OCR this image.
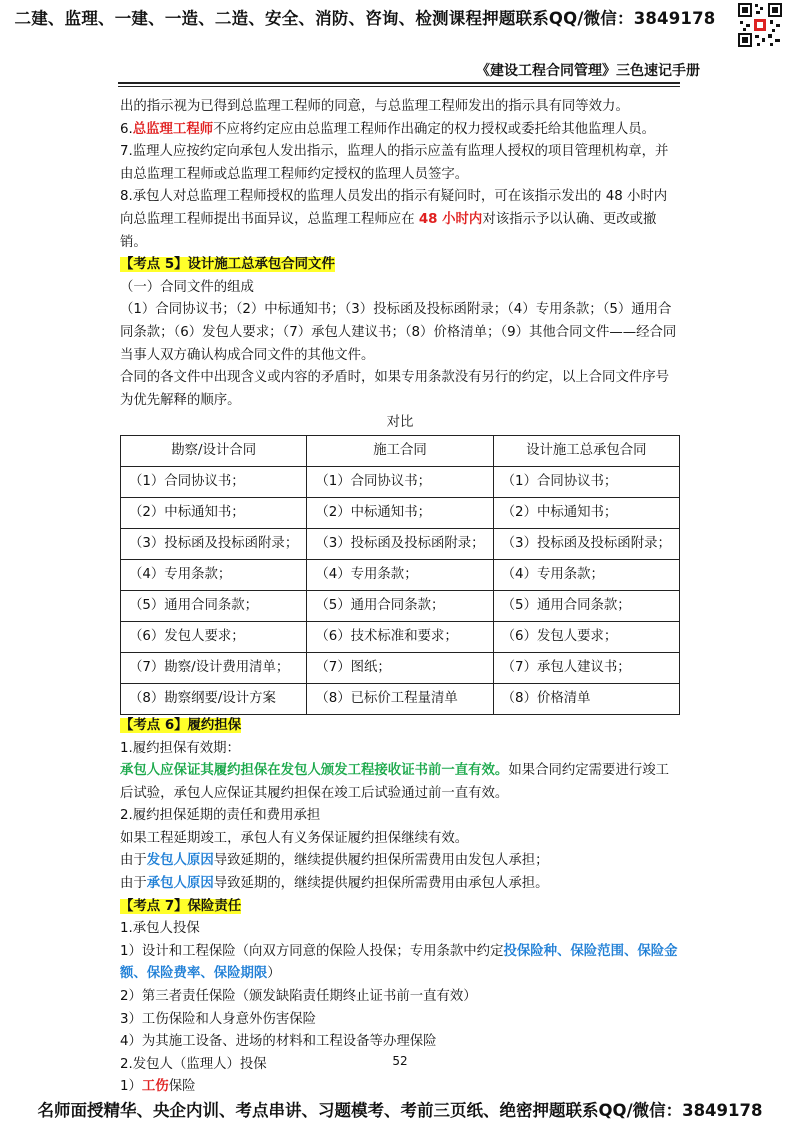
二建、监理、一建、一造、二造、安全、消防、咨询、检测课程押题联系QQ/微信：3849178
《建设工程合同管理》三色速记手册

出的指示视为已得到总监理工程师的同意，与总监理工程师发出的指示具有同等效力。

6.总监理工程师不应将约定应由总监理工程师作出确定的权力授权或委托给其他监理人员。

7.监理人应按约定向承包人发出指示，监理人的指示应盖有监理人授权的项目管理机构章，并由总监理工程师或总监理工程师约定授权的监理人员签字。

8.承包人对总监理工程师授权的监理人员发出的指示有疑问时，可在该指示发出的 48 小时内向总监理工程师提出书面异议，总监理工程师应在 48 小时内对该指示予以认确、更改或撤销。

【考点 5】设计施工总承包合同文件

（一）合同文件的组成

（1）合同协议书；（2）中标通知书；（3）投标函及投标函附录；（4）专用条款；（5）通用合同条款；（6）发包人要求；（7）承包人建议书；（8）价格清单；（9）其他合同文件——经合同当事人双方确认构成合同文件的其他文件。

合同的各文件中出现含义或内容的矛盾时，如果专用条款没有另行的约定，以上合同文件序号为优先解释的顺序。

对比

勘察/设计合同	施工合同	设计施工总承包合同
（1）合同协议书；	（1）合同协议书；	（1）合同协议书；
（2）中标通知书；	（2）中标通知书；	（2）中标通知书；
（3）投标函及投标函附录；	（3）投标函及投标函附录；	（3）投标函及投标函附录；
（4）专用条款；	（4）专用条款；	（4）专用条款；
（5）通用合同条款；	（5）通用合同条款；	（5）通用合同条款；
（6）发包人要求；	（6）技术标准和要求；	（6）发包人要求；
（7）勘察/设计费用清单；	（7）图纸；	（7）承包人建议书；
（8）勘察纲要/设计方案	（8）已标价工程量清单	（8）价格清单

【考点 6】履约担保

1.履约担保有效期：

承包人应保证其履约担保在发包人颁发工程接收证书前一直有效。如果合同约定需要进行竣工后试验，承包人应保证其履约担保在竣工后试验通过前一直有效。

2.履约担保延期的责任和费用承担

如果工程延期竣工，承包人有义务保证履约担保继续有效。

由于发包人原因导致延期的，继续提供履约担保所需费用由发包人承担；

由于承包人原因导致延期的，继续提供履约担保所需费用由承包人承担。

【考点 7】保险责任

1.承包人投保

1）设计和工程保险（向双方同意的保险人投保；专用条款中约定投保险种、保险范围、保险金额、保险费率、保险期限）

2）第三者责任保险（颁发缺陷责任期终止证书前一直有效）

3）工伤保险和人身意外伤害保险

4）为其施工设备、进场的材料和工程设备等办理保险

2.发包人（监理人）投保

1）工伤保险

52
名师面授精华、央企内训、考点串讲、习题模考、考前三页纸、绝密押题联系QQ/微信：3849178
